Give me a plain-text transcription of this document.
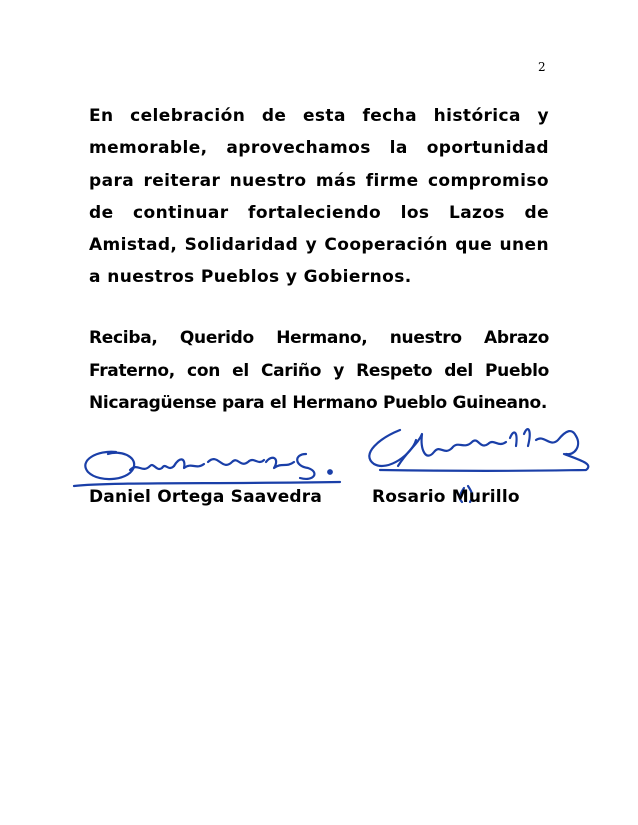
2

En celebración de esta fecha histórica y memorable, aprovechamos la oportunidad para reiterar nuestro más firme compromiso de continuar fortaleciendo los Lazos de Amistad, Solidaridad y Cooperación que unen a nuestros Pueblos y Gobiernos.

Reciba, Querido Hermano, nuestro Abrazo Fraterno, con el Cariño y Respeto del Pueblo Nicaragüense para el Hermano Pueblo Guineano.

Daniel Ortega Saavedra	Rosario Murillo
